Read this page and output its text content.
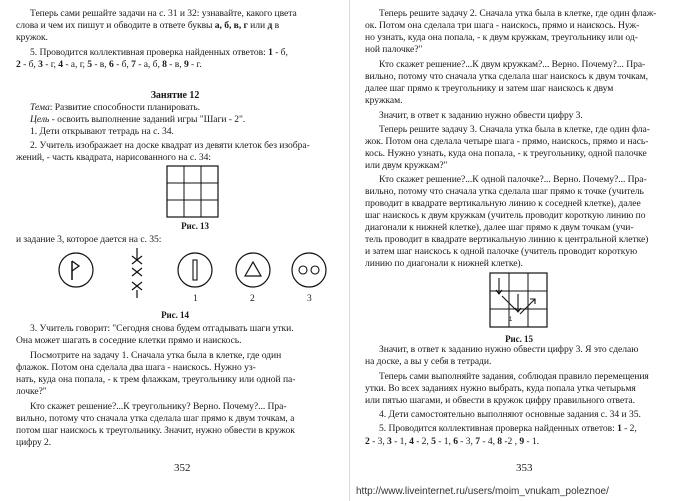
Теперь сами решайте задачи на с. 31 и 32: узнавайте, какого цвета
слова и чем их пишут и обводите в ответе буквы а, б, в, г или д в
кружок.
5. Проводится коллективная проверка найденных ответов: 1 - б,
2 - б, 3 - г, 4 - а, г, 5 - в, 6 - б, 7 - а, б, 8 - в, 9 - г.
Занятие 12
Тема: Развитие способности планировать.
Цель - освоить выполнение заданий игры "Шаги - 2".
1. Дети открывают тетрадь на с. 34.
2. Учитель изображает на доске квадрат из девяти клеток без изобра-
жений, - часть квадрата, нарисованного на с. 34:
Рис. 13
и задание 3, которое дается на с. 35:
1	2	3
Рис. 14
3. Учитель говорит: "Сегодня снова будем отгадывать шаги утки.
Она может шагать в соседние клетки прямо и наискось.
Посмотрите на задачу 1. Сначала утка была в клетке, где один
флажок. Потом она сделала два шага - наискось. Нужно уз-
нать, куда она попала, - к трем флажкам, треугольнику или одной па-
лочке?"
Кто скажет решение?...К треугольнику? Верно. Почему?... Пра-
вильно, потому что сначала утка сделала шаг прямо к двум точкам, а
потом шаг наискось к треугольнику. Значит, нужно обвести в кружок
цифру 2.
352
Теперь решите задачу 2. Сначала утка была в клетке, где один флаж-
ок. Потом она сделала три шага - наискось, прямо и наискось. Нуж-
но узнать, куда она попала, - к двум кружкам, треугольнику или од-
ной палочке?"
Кто скажет решение?...К двум кружкам?... Верно. Почему?... Пра-
вильно, потому что сначала утка сделала шаг наискось к двум точкам,
далее шаг прямо к треугольнику и затем шаг наискось к двум
кружкам.
Значит, в ответ к заданию нужно обвести цифру 3.
Теперь решите задачу 3. Сначала утка была в клетке, где один фла-
жок. Потом она сделала четыре шага - прямо, наискось, прямо и нась-
кось. Нужно узнать, куда она попала, - к треугольнику, одной палочке
или двум кружкам?"
Кто скажет решение?...К одной палочке?... Верно. Почему?... Пра-
вильно, потому что сначала утка сделала шаг прямо к точке (учитель
проводит в квадрате вертикальную линию к соседней клетке), далее
шаг наискось к двум кружкам (учитель проводит короткую линию по
диагонали к нижней клетке), далее шаг прямо к двум точкам (учи-
тель проводит в квадрате вертикальную линию к центральной клетке)
и затем шаг наискось к одной палочке (учитель проводит короткую
линию по диагонали к нижней клетке).
1
Рис. 15
Значит, в ответ к заданию нужно обвести цифру 3. Я это сделаю
на доске, а вы у себя в тетради.
Теперь сами выполняйте задания, соблюдая правило перемещения
утки. Во всех заданиях нужно выбрать, куда попала утка четырьмя
или пятью шагами, и обвести в кружок цифру правильного ответа.
4. Дети самостоятельно выполняют основные задания с. 34 и 35.
5. Проводится коллективная проверка найденных ответов: 1 - 2,
2 - 3, 3 - 1, 4 - 2, 5 - 1, 6 - 3, 7 - 4, 8 -2 , 9 - 1.
353
http://www.liveinternet.ru/users/moim_vnukam_poleznoe/
